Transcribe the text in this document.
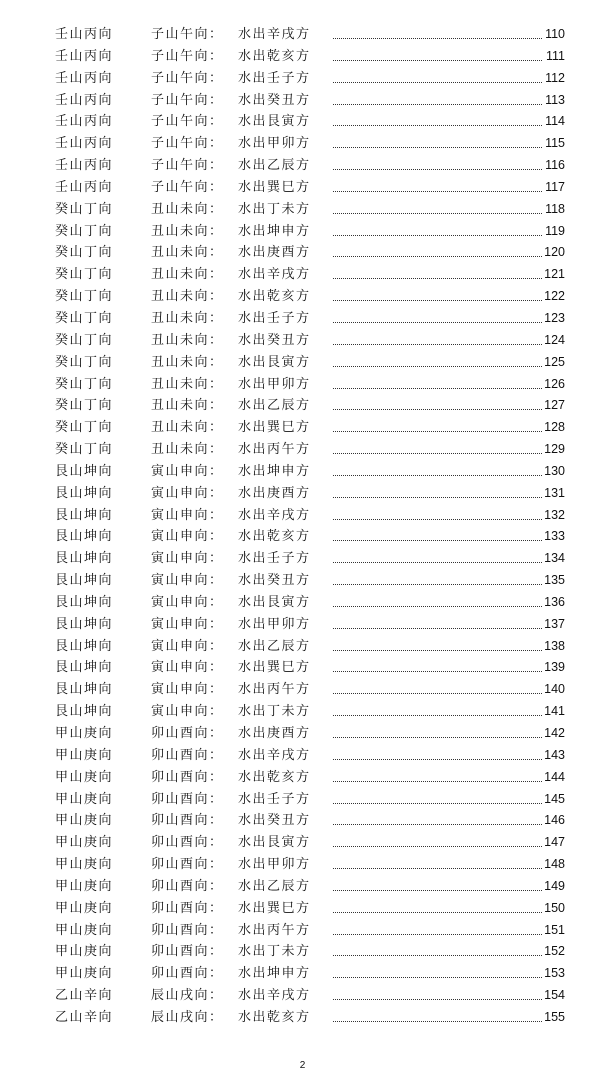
壬山丙向	子山午向： 水出辛戌方	110
壬山丙向	子山午向： 水出乾亥方	111
壬山丙向	子山午向： 水出壬子方	112
壬山丙向	子山午向： 水出癸丑方	113
壬山丙向	子山午向： 水出艮寅方	114
壬山丙向	子山午向： 水出甲卯方	115
壬山丙向	子山午向： 水出乙辰方	116
壬山丙向	子山午向： 水出巽巳方	117
癸山丁向	丑山未向： 水出丁未方	118
癸山丁向	丑山未向： 水出坤申方	119
癸山丁向	丑山未向： 水出庚酉方	120
癸山丁向	丑山未向： 水出辛戌方	121
癸山丁向	丑山未向： 水出乾亥方	122
癸山丁向	丑山未向： 水出壬子方	123
癸山丁向	丑山未向： 水出癸丑方	124
癸山丁向	丑山未向： 水出艮寅方	125
癸山丁向	丑山未向： 水出甲卯方	126
癸山丁向	丑山未向： 水出乙辰方	127
癸山丁向	丑山未向： 水出巽巳方	128
癸山丁向	丑山未向： 水出丙午方	129
艮山坤向	寅山申向： 水出坤申方	130
艮山坤向	寅山申向： 水出庚酉方	131
艮山坤向	寅山申向： 水出辛戌方	132
艮山坤向	寅山申向： 水出乾亥方	133
艮山坤向	寅山申向： 水出壬子方	134
艮山坤向	寅山申向： 水出癸丑方	135
艮山坤向	寅山申向： 水出艮寅方	136
艮山坤向	寅山申向： 水出甲卯方	137
艮山坤向	寅山申向： 水出乙辰方	138
艮山坤向	寅山申向： 水出巽巳方	139
艮山坤向	寅山申向： 水出丙午方	140
艮山坤向	寅山申向： 水出丁未方	141
甲山庚向	卯山酉向： 水出庚酉方	142
甲山庚向	卯山酉向： 水出辛戌方	143
甲山庚向	卯山酉向： 水出乾亥方	144
甲山庚向	卯山酉向： 水出壬子方	145
甲山庚向	卯山酉向： 水出癸丑方	146
甲山庚向	卯山酉向： 水出艮寅方	147
甲山庚向	卯山酉向： 水出甲卯方	148
甲山庚向	卯山酉向： 水出乙辰方	149
甲山庚向	卯山酉向： 水出巽巳方	150
甲山庚向	卯山酉向： 水出丙午方	151
甲山庚向	卯山酉向： 水出丁未方	152
甲山庚向	卯山酉向： 水出坤申方	153
乙山辛向	辰山戌向： 水出辛戌方	154
乙山辛向	辰山戌向： 水出乾亥方	155
2
